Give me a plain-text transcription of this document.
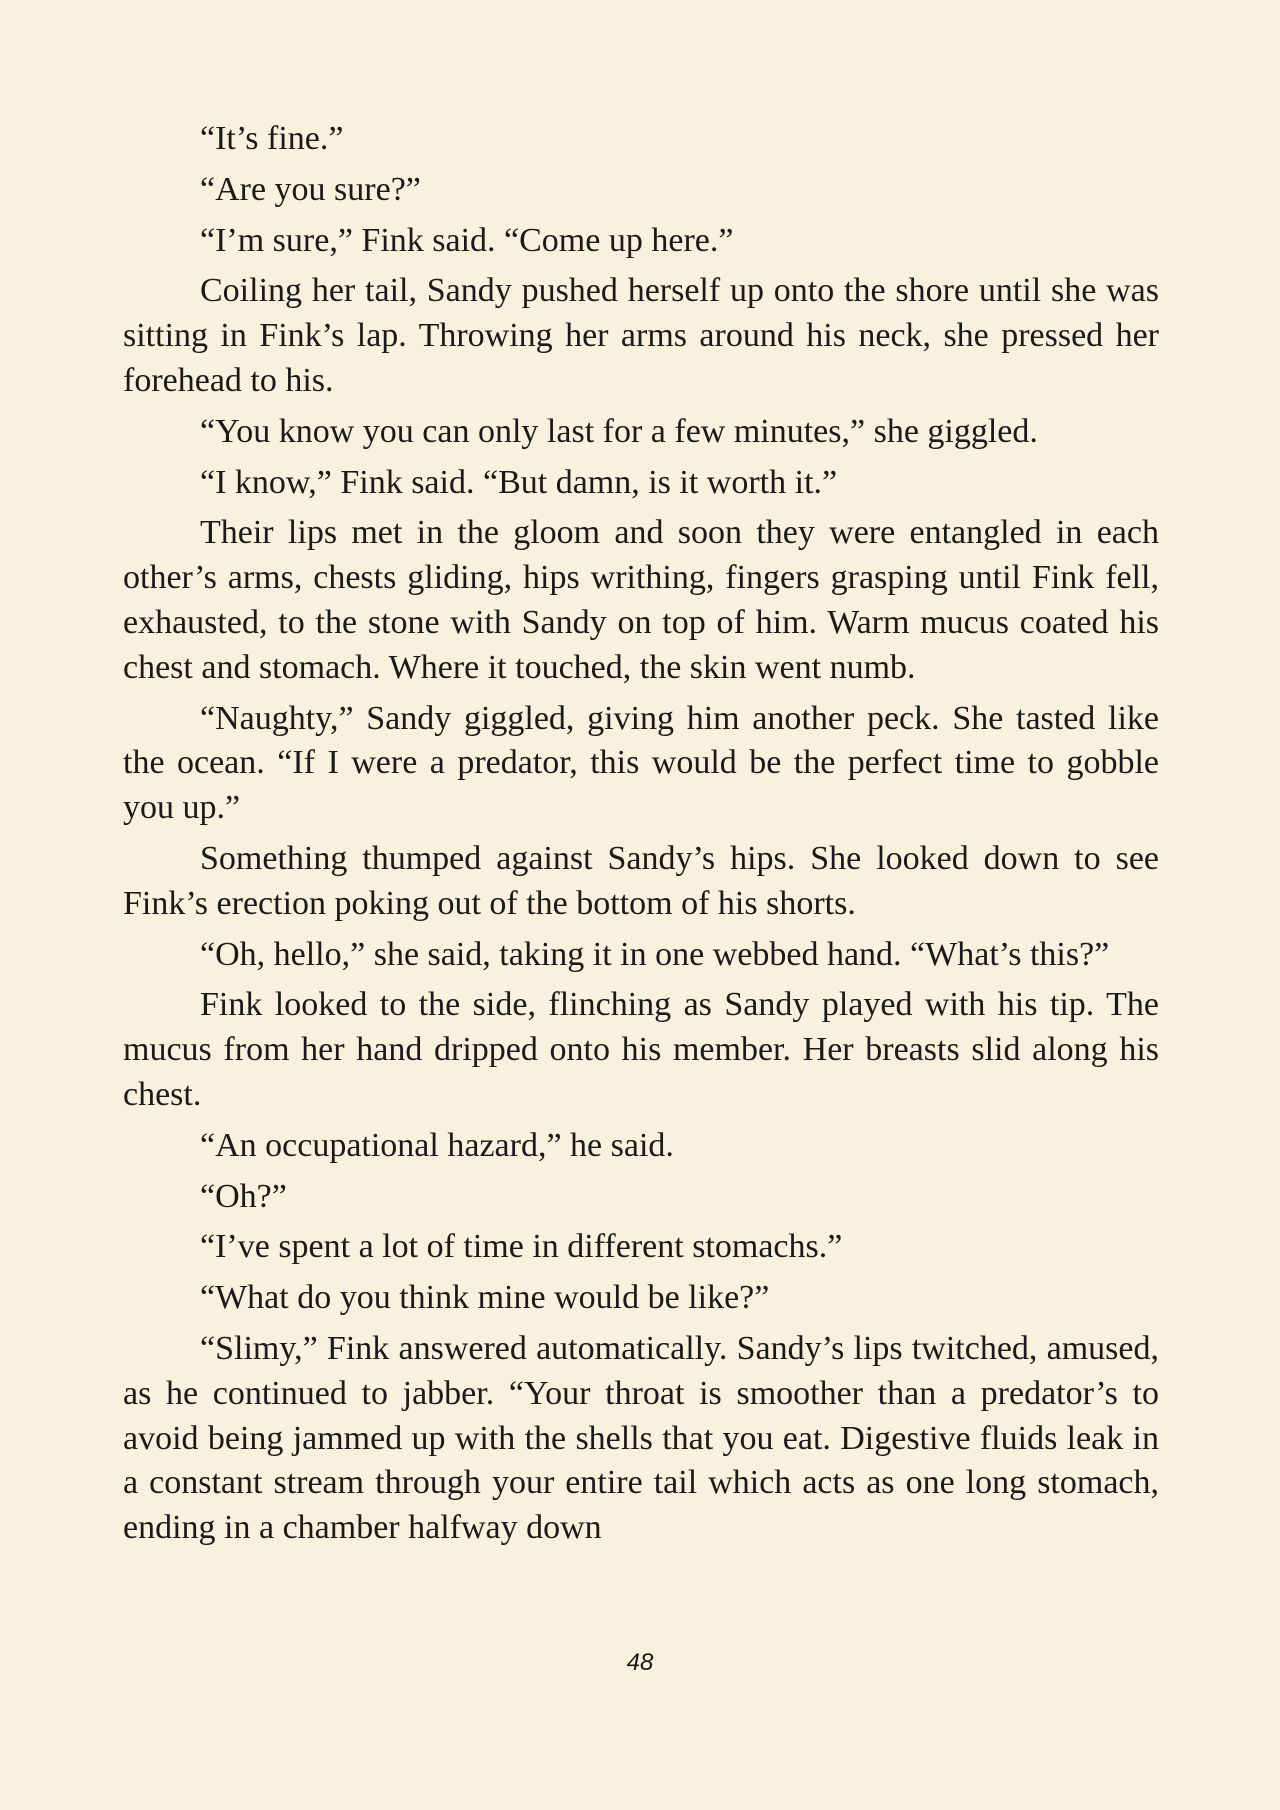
“It’s fine.”

“Are you sure?”

“I’m sure,” Fink said. “Come up here.”

Coiling her tail, Sandy pushed herself up onto the shore until she was sitting in Fink’s lap. Throwing her arms around his neck, she pressed her forehead to his.

“You know you can only last for a few minutes,” she giggled.

“I know,” Fink said. “But damn, is it worth it.”

Their lips met in the gloom and soon they were entangled in each other’s arms, chests gliding, hips writhing, fingers grasping until Fink fell, exhausted, to the stone with Sandy on top of him. Warm mucus coated his chest and stomach. Where it touched, the skin went numb.

“Naughty,” Sandy giggled, giving him another peck. She tasted like the ocean. “If I were a predator, this would be the perfect time to gobble you up.”

Something thumped against Sandy’s hips. She looked down to see Fink’s erection poking out of the bottom of his shorts.

“Oh, hello,” she said, taking it in one webbed hand. “What’s this?”

Fink looked to the side, flinching as Sandy played with his tip. The mucus from her hand dripped onto his member. Her breasts slid along his chest.

“An occupational hazard,” he said.

“Oh?”

“I’ve spent a lot of time in different stomachs.”

“What do you think mine would be like?”

“Slimy,” Fink answered automatically. Sandy’s lips twitched, amused, as he continued to jabber. “Your throat is smoother than a predator’s to avoid being jammed up with the shells that you eat. Digestive fluids leak in a constant stream through your entire tail which acts as one long stomach, ending in a chamber halfway down

48
